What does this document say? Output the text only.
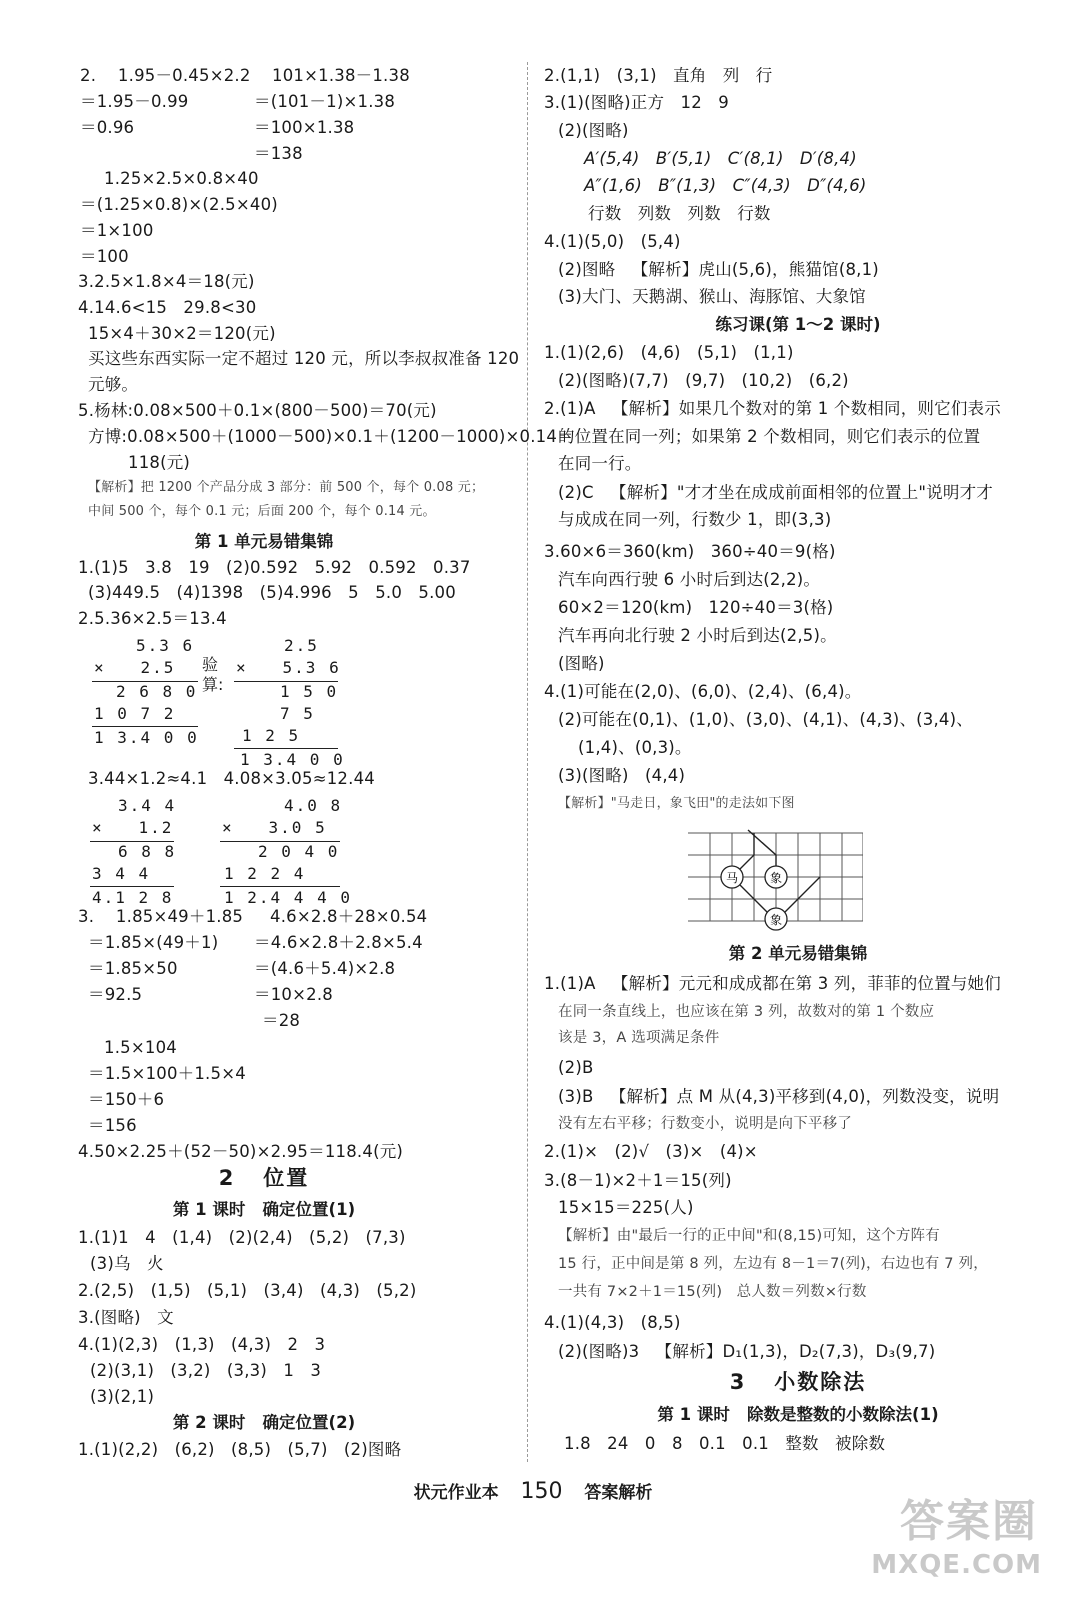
2.    1.95－0.45×2.2 101×1.38－1.38
＝1.95－0.99	＝(101－1)×1.38
＝0.96	＝100×1.38
＝138
1.25×2.5×0.8×40
＝(1.25×0.8)×(2.5×40)
＝1×100
＝100
3.2.5×1.8×4＝18(元)
4.14.6<15   29.8<30
15×4＋30×2＝120(元)
买这些东西实际一定不超过 120 元，所以李叔叔准备 120
元够。
5.杨林:0.08×500＋0.1×(800－500)＝70(元)
方博:0.08×500＋(1000－500)×0.1＋(1200－1000)×0.14＝
118(元)
【解析】把 1200 个产品分成 3 部分：前 500 个，每个 0.08 元；
中间 500 个，每个 0.1 元；后面 200 个，每个 0.14 元。
第 1 单元易错集锦
1.(1)5   3.8   19   (2)0.592   5.92   0.592   0.37
(3)449.5   (4)1398   (5)4.996   5   5.0   5.00
2.5.36×2.5＝13.4
5.3 6
×   2.5
2 6 8 0
1 0 7 2
1 3.4 0 0
验算:
2.5
×   5.3 6
1 5 0
7 5
1 2 5
1 3.4 0 0
3.44×1.2≈4.1   4.08×3.05≈12.44
3.4 4
×   1.2
6 8 8
3 4 4
4.1 2 8
4.0 8
×   3.0 5
2 0 4 0
1 2 2 4
1 2.4 4 4 0
3.    1.85×49＋1.85 4.6×2.8＋28×0.54
＝1.85×(49＋1) ＝4.6×2.8＋2.8×5.4
＝1.85×50	＝(4.6＋5.4)×2.8
＝92.5	＝10×2.8
＝28
1.5×104
＝1.5×100＋1.5×4
＝150＋6
＝156
4.50×2.25＋(52－50)×2.95＝118.4(元)
2   位置
第 1 课时   确定位置(1)
1.(1)1   4   (1,4)   (2)(2,4)   (5,2)   (7,3)
(3)乌   火
2.(2,5)   (1,5)   (5,1)   (3,4)   (4,3)   (5,2)
3.(图略)   文
4.(1)(2,3)   (1,3)   (4,3)   2   3
(2)(3,1)   (3,2)   (3,3)   1   3
(3)(2,1)
第 2 课时   确定位置(2)
1.(1)(2,2)   (6,2)   (8,5)   (5,7)   (2)图略
2.(1,1)   (3,1)   直角   列   行
3.(1)(图略)正方   12   9
(2)(图略)
A′(5,4)   B′(5,1)   C′(8,1)   D′(8,4)
A″(1,6)   B″(1,3)   C″(4,3)   D″(4,6)
行数   列数   列数   行数
4.(1)(5,0)   (5,4)
(2)图略   【解析】虎山(5,6)，熊猫馆(8,1)
(3)大门、天鹅湖、猴山、海豚馆、大象馆
练习课(第 1～2 课时)
1.(1)(2,6)   (4,6)   (5,1)   (1,1)
(2)(图略)(7,7)   (9,7)   (10,2)   (6,2)
2.(1)A   【解析】如果几个数对的第 1 个数相同，则它们表示
的位置在同一列；如果第 2 个数相同，则它们表示的位置
在同一行。
(2)C   【解析】"才才坐在成成前面相邻的位置上"说明才才
与成成在同一列，行数少 1，即(3,3)
3.60×6＝360(km)   360÷40＝9(格)
汽车向西行驶 6 小时后到达(2,2)。
60×2＝120(km)   120÷40＝3(格)
汽车再向北行驶 2 小时后到达(2,5)。
(图略)
4.(1)可能在(2,0)、(6,0)、(2,4)、(6,4)。
(2)可能在(0,1)、(1,0)、(3,0)、(4,1)、(4,3)、(3,4)、
(1,4)、(0,3)。
(3)(图略)   (4,4)
【解析】"马走日，象飞田"的走法如下图
第 2 单元易错集锦
1.(1)A   【解析】元元和成成都在第 3 列，菲菲的位置与她们
在同一条直线上，也应该在第 3 列，故数对的第 1 个数应
该是 3，A 选项满足条件
(2)B
(3)B   【解析】点 M 从(4,3)平移到(4,0)，列数没变，说明
没有左右平移；行数变小，说明是向下平移了
2.(1)×   (2)√   (3)×   (4)×
3.(8－1)×2＋1＝15(列)
15×15＝225(人)
【解析】由"最后一行的正中间"和(8,15)可知，这个方阵有
15 行，正中间是第 8 列，左边有 8－1＝7(列)，右边也有 7 列，
一共有 7×2＋1＝15(列)   总人数＝列数×行数
4.(1)(4,3)   (8,5)
(2)(图略)3   【解析】D₁(1,3)，D₂(7,3)，D₃(9,7)
3   小数除法
第 1 课时   除数是整数的小数除法(1)
1.8   24   0   8   0.1   0.1   整数   被除数
马	象
象
状元作业本 150 答案解析
答案圈
MXQE.COM
